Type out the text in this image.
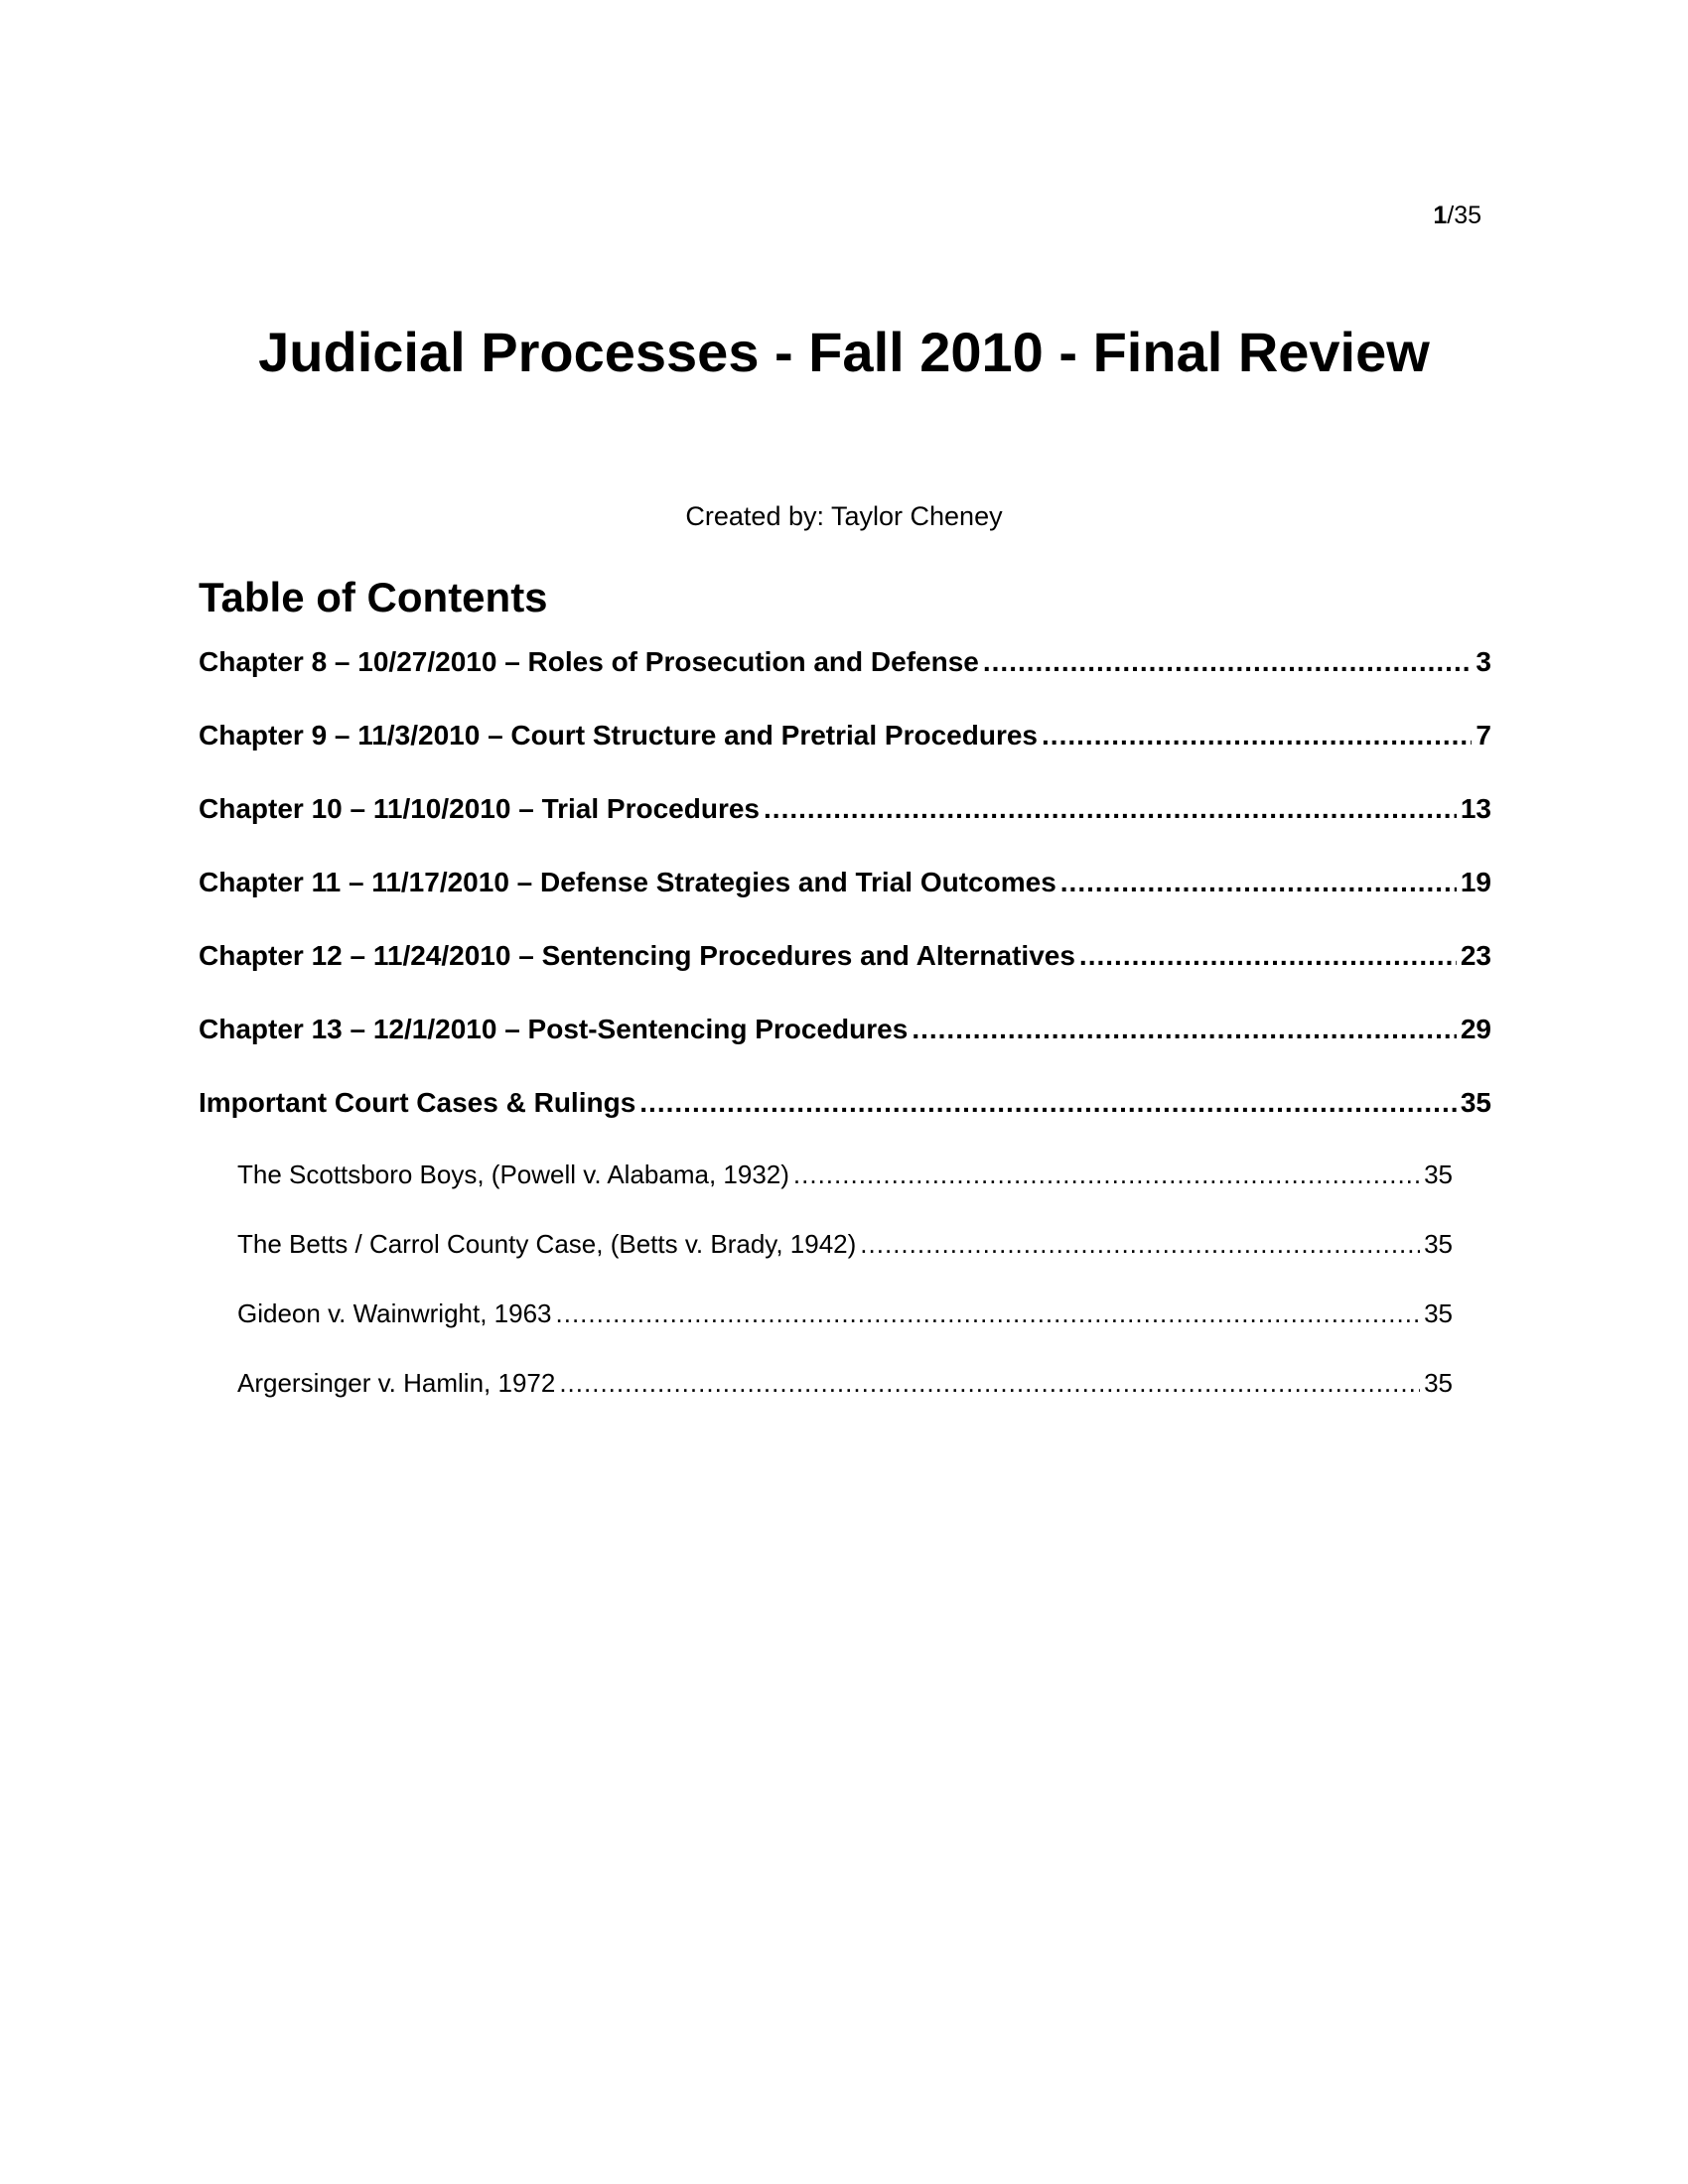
1/35
Judicial Processes - Fall 2010 - Final Review
Created by: Taylor Cheney
Table of Contents
Chapter 8 – 10/27/2010 – Roles of Prosecution and Defense .....	3
Chapter 9 – 11/3/2010 – Court Structure and Pretrial Procedures .....	7
Chapter 10 – 11/10/2010 – Trial Procedures .....	13
Chapter 11 – 11/17/2010 – Defense Strategies and Trial Outcomes .....	19
Chapter 12 – 11/24/2010 – Sentencing Procedures and Alternatives .....	23
Chapter 13 – 12/1/2010 – Post-Sentencing Procedures .....	29
Important Court Cases & Rulings .....	35
The Scottsboro Boys, (Powell v. Alabama, 1932) .....	35
The Betts / Carrol County Case, (Betts v. Brady, 1942) .....	35
Gideon v. Wainwright, 1963 .....	35
Argersinger v. Hamlin, 1972 .....	35
